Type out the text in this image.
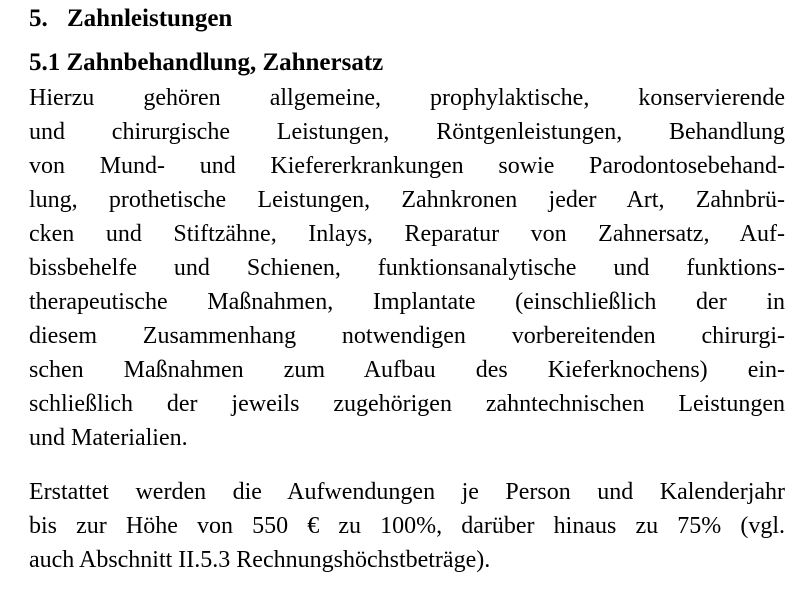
5. Zahnleistungen
5.1 Zahnbehandlung, Zahnersatz
Hierzu gehören allgemeine, prophylaktische, konservierende
und chirurgische Leistungen, Röntgenleistungen, Behandlung
von Mund- und Kiefererkrankungen sowie Parodontosebehand-
lung, prothetische Leistungen, Zahnkronen jeder Art, Zahnbrü-
cken und Stiftzähne, Inlays, Reparatur von Zahnersatz, Auf-
bissbehelfe und Schienen, funktionsanalytische und funktions-
therapeutische Maßnahmen, Implantate (einschließlich der in
diesem Zusammenhang notwendigen vorbereitenden chirurgi-
schen Maßnahmen zum Aufbau des Kieferknochens) ein-
schließlich der jeweils zugehörigen zahntechnischen Leistungen
und Materialien.
Erstattet werden die Aufwendungen je Person und Kalenderjahr
bis zur Höhe von 550 € zu 100%, darüber hinaus zu 75% (vgl.
auch Abschnitt II.5.3 Rechnungshöchstbeträge).
